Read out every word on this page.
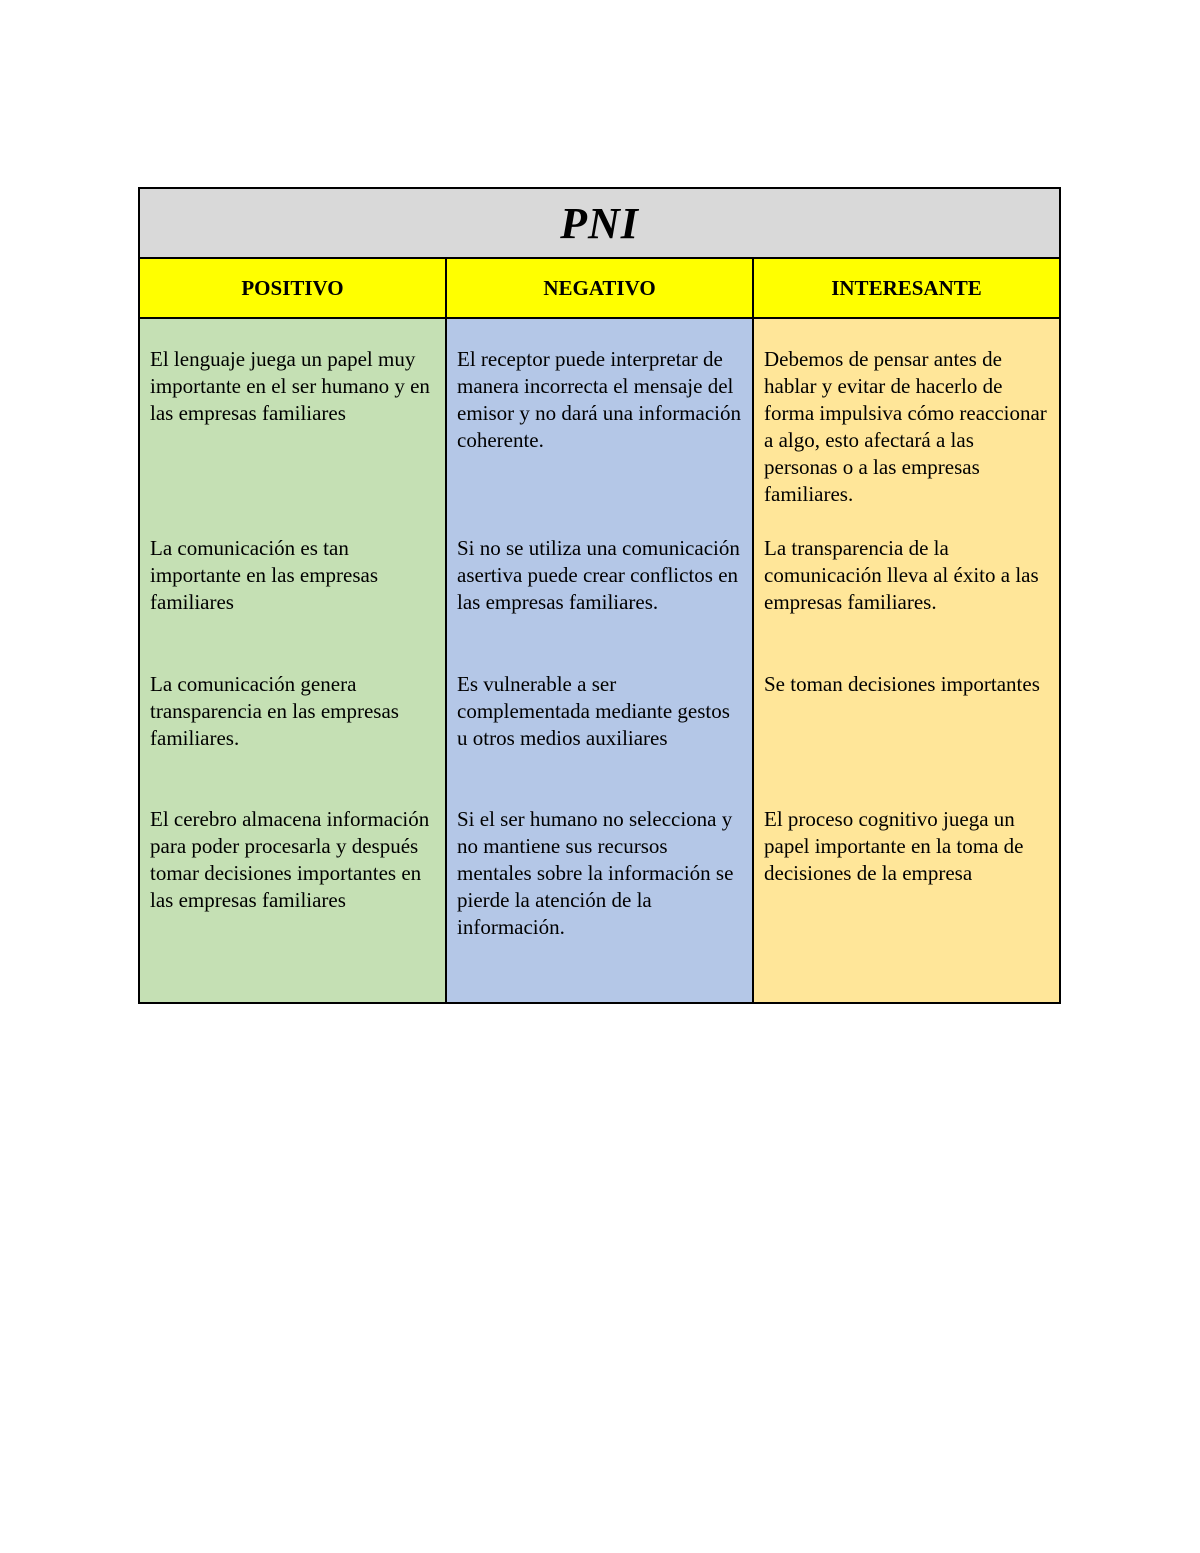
PNI
POSITIVO	NEGATIVO	INTERESANTE

El lenguaje juega un papel muy importante en el ser humano y en las empresas familiares

La comunicación es tan importante en las empresas familiares

La comunicación genera transparencia en las empresas familiares.

El cerebro almacena información para poder procesarla y después tomar decisiones importantes en las empresas familiares

El receptor puede interpretar de manera incorrecta el mensaje del emisor y no dará una información coherente.

Si no se utiliza una comunicación asertiva puede crear conflictos en las empresas familiares.

Es vulnerable a ser complementada mediante gestos u otros medios auxiliares

Si el ser humano no selecciona y no mantiene sus recursos mentales sobre la información se pierde la atención de la información.

Debemos de pensar antes de hablar y evitar de hacerlo de forma impulsiva cómo reaccionar a algo, esto afectará a las personas o a las empresas familiares.

La transparencia de la comunicación lleva al éxito a las empresas familiares.

Se toman decisiones importantes

El proceso cognitivo juega un papel importante en la toma de decisiones de la empresa
